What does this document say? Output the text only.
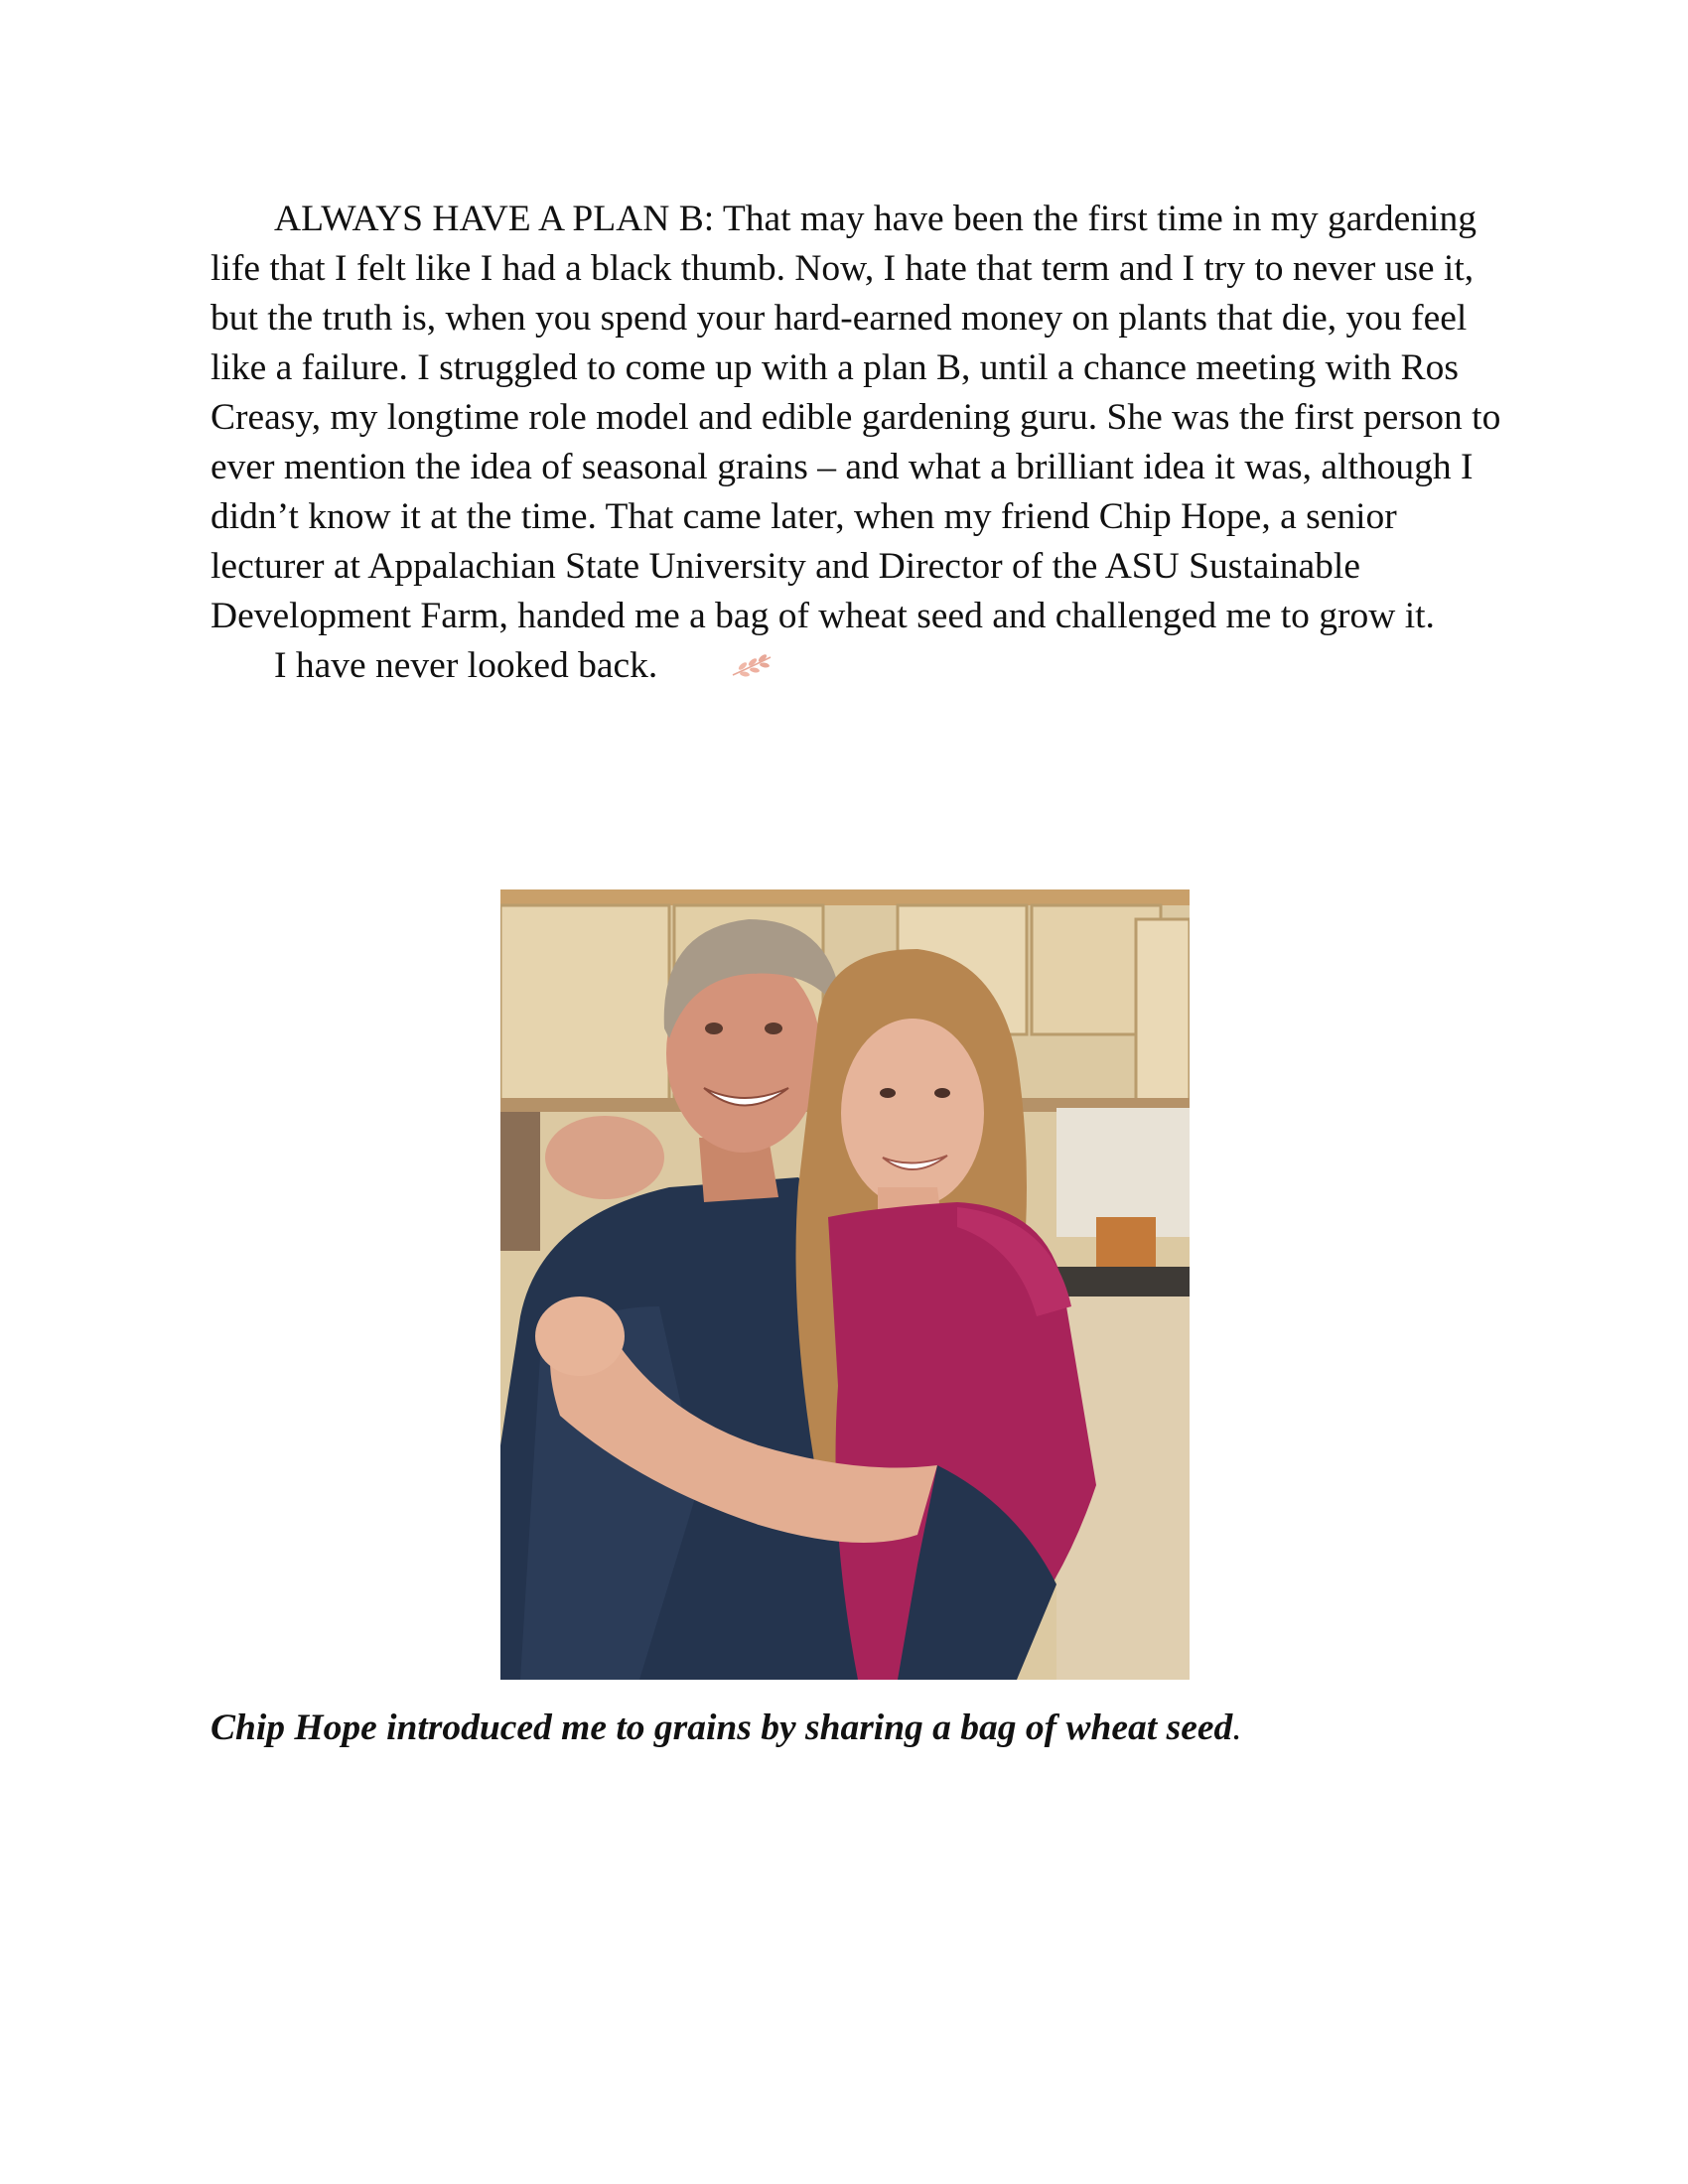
ALWAYS HAVE A PLAN B: That may have been the first time in my gardening life that I felt like I had a black thumb. Now, I hate that term and I try to never use it, but the truth is, when you spend your hard-earned money on plants that die, you feel like a failure. I struggled to come up with a plan B, until a chance meeting with Ros Creasy, my longtime role model and edible gardening guru. She was the first person to ever mention the idea of seasonal grains – and what a brilliant idea it was, although I didn’t know it at the time. That came later, when my friend Chip Hope, a senior lecturer at Appalachian State University and Director of the ASU Sustainable Development Farm, handed me a bag of wheat seed and challenged me to grow it.

I have never looked back.

Chip Hope introduced me to grains by sharing a bag of wheat seed.
